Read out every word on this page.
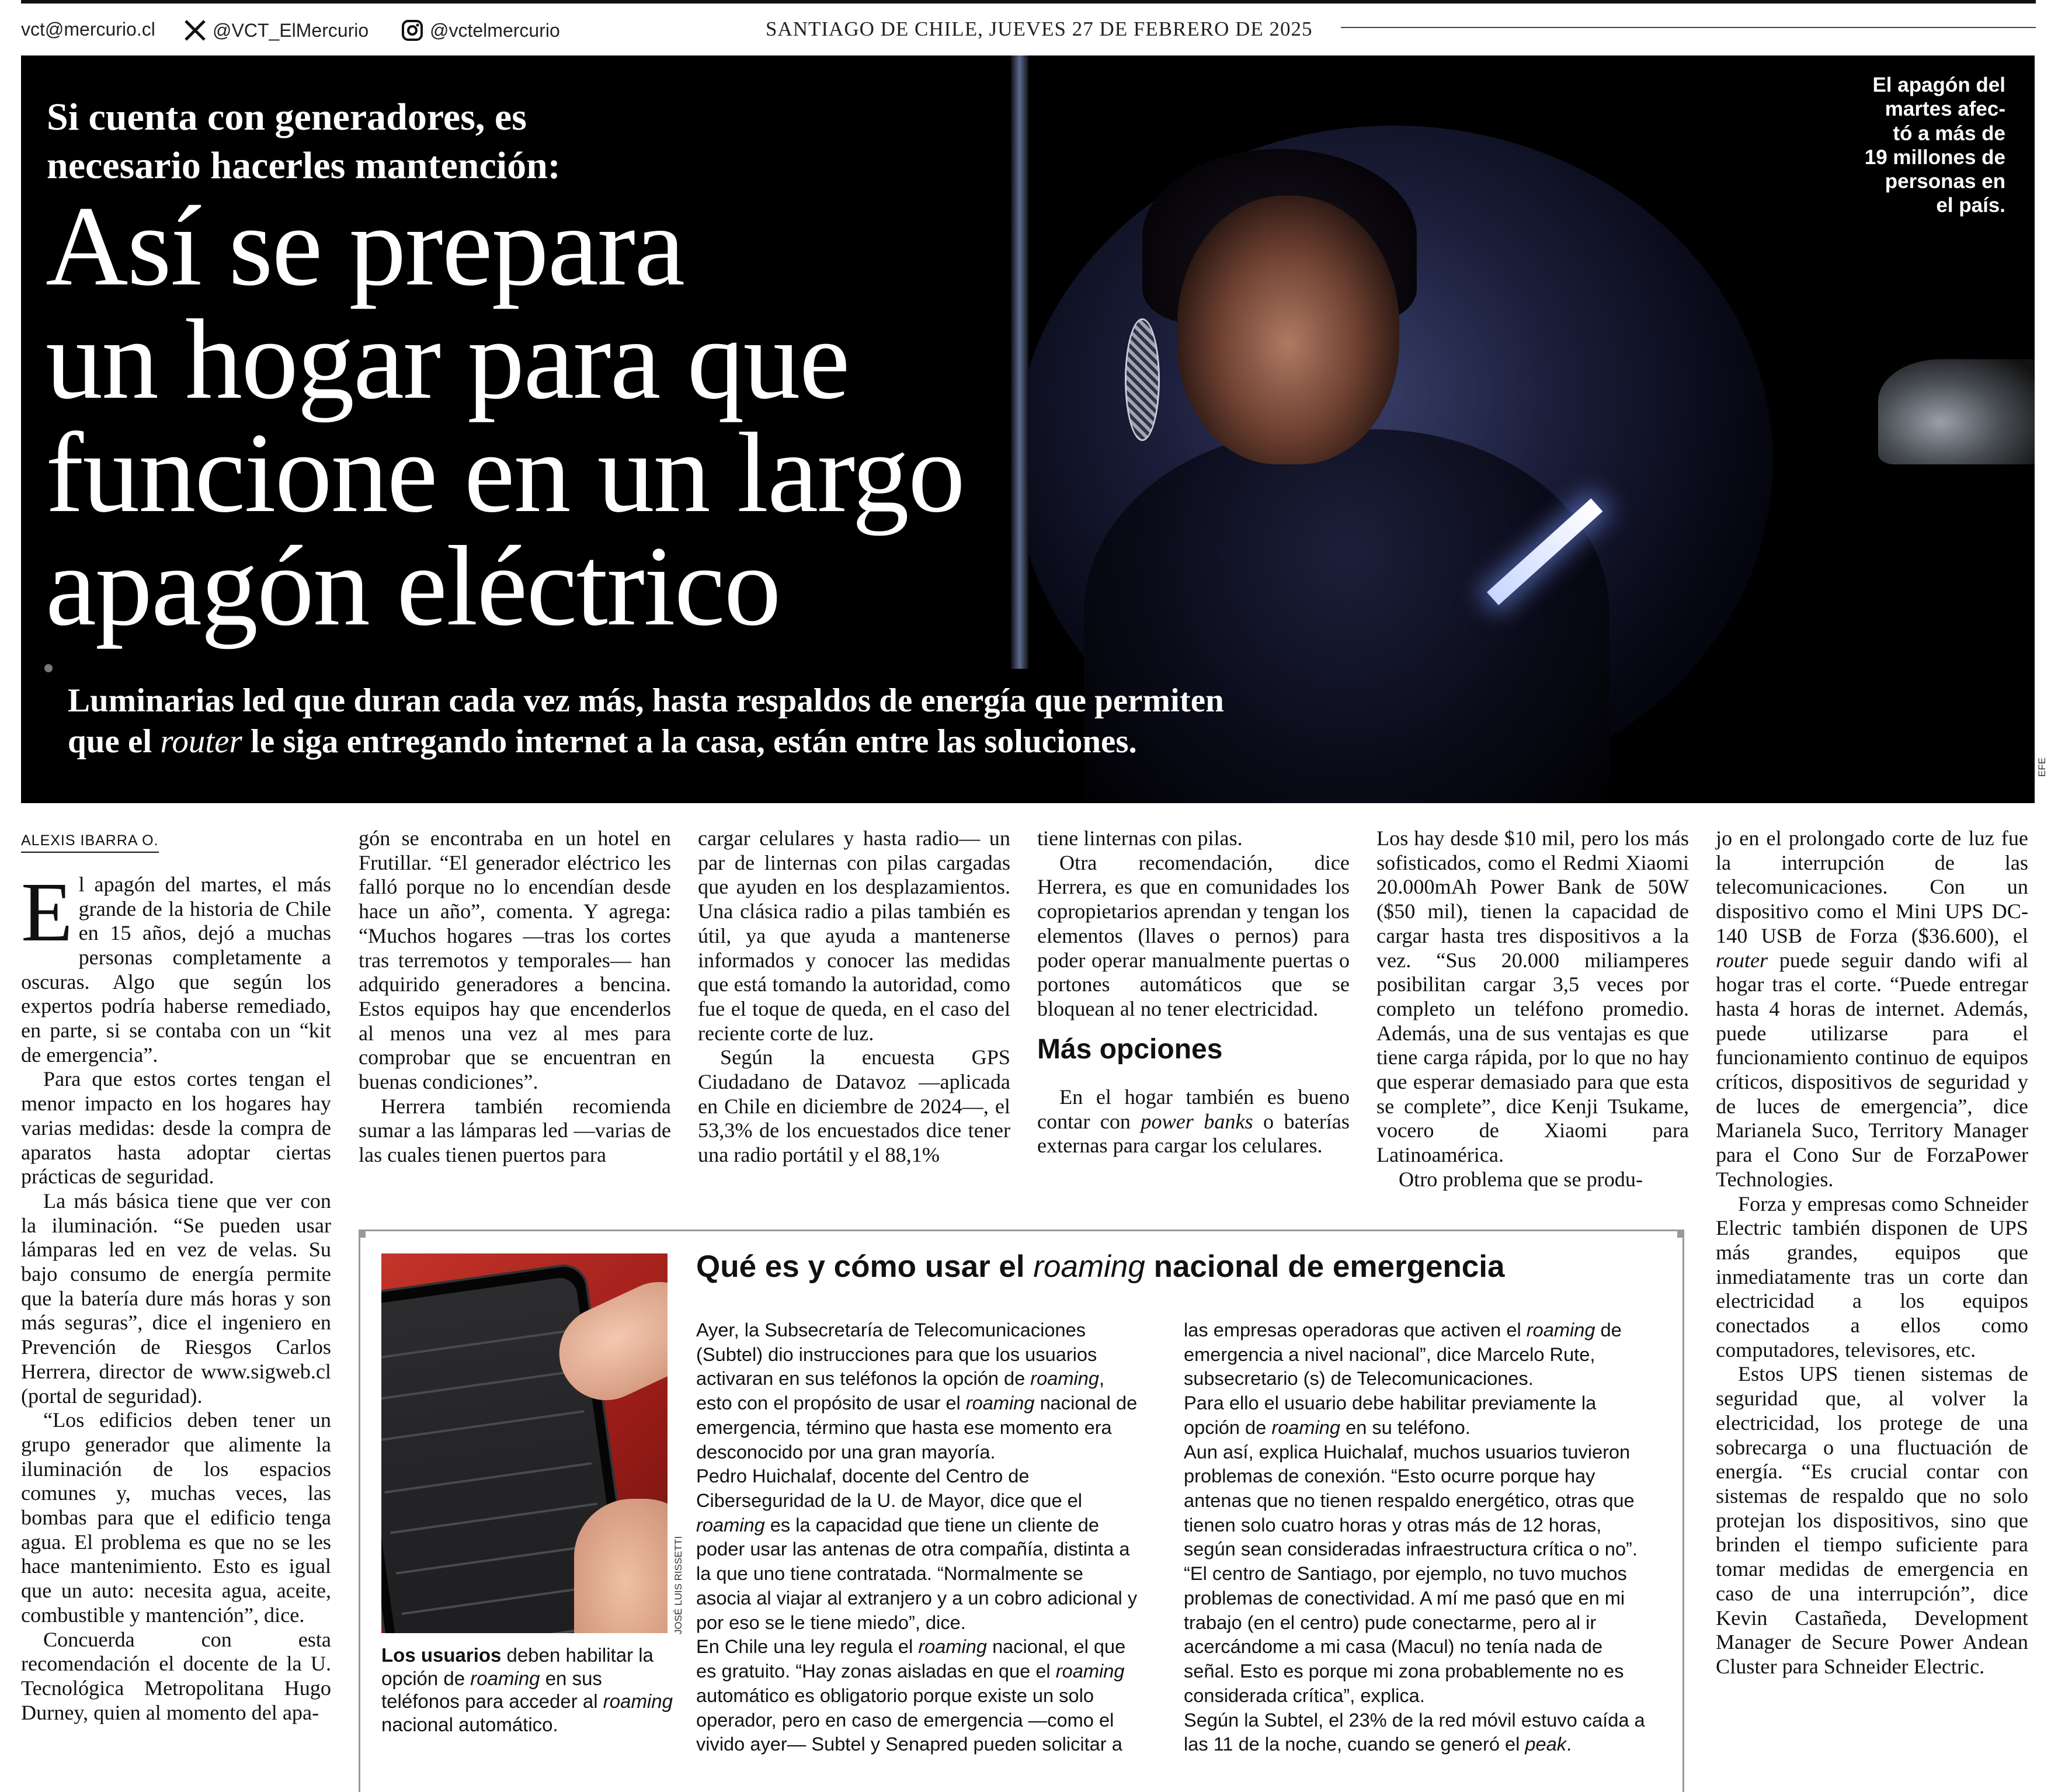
vct@mercurio.cl	@VCT_ElMercurio	@vctelmercurio	SANTIAGO DE CHILE, JUEVES 27 DE FEBRERO DE 2025
Si cuenta con generadores, es
necesario hacerles mantención:
Así se prepara
un hogar para que
funcione en un largo
apagón eléctrico
Luminarias led que duran cada vez más, hasta respaldos de energía que permiten
que el router le siga entregando internet a la casa, están entre las soluciones.
El apagón del
martes afec-
tó a más de
19 millones de
personas en
el país.
EFE
ALEXIS IBARRA O.

El apagón del martes, el más grande de la historia de Chile en 15 años, dejó a muchas personas completamente a oscuras. Algo que según los expertos podría haberse remediado, en parte, si se contaba con un “kit de emergencia”.

Para que estos cortes tengan el menor impacto en los hogares hay varias medidas: desde la compra de aparatos hasta adoptar ciertas prácticas de seguridad.

La más básica tiene que ver con la iluminación. “Se pueden usar lámparas led en vez de velas. Su bajo consumo de energía permite que la batería dure más horas y son más seguras”, dice el ingeniero en Prevención de Riesgos Carlos Herrera, director de www.sigweb.cl (portal de seguridad).

“Los edificios deben tener un grupo generador que alimente la iluminación de los espacios comunes y, muchas veces, las bombas para que el edificio tenga agua. El problema es que no se les hace mantenimiento. Esto es igual que un auto: necesita agua, aceite, combustible y mantención”, dice.

Concuerda con esta recomendación el docente de la U. Tecnológica Metropolitana Hugo Durney, quien al momento del apa-

gón se encontraba en un hotel en Frutillar. “El generador eléctrico les falló porque no lo encendían desde hace un año”, comenta. Y agrega: “Muchos hogares —tras los cortes tras terremotos y temporales— han adquirido generadores a bencina. Estos equipos hay que encenderlos al menos una vez al mes para comprobar que se encuentran en buenas condiciones”.

Herrera también recomienda sumar a las lámparas led —varias de las cuales tienen puertos para

cargar celulares y hasta radio— un par de linternas con pilas cargadas que ayuden en los desplazamientos. Una clásica radio a pilas también es útil, ya que ayuda a mantenerse informados y conocer las medidas que está tomando la autoridad, como fue el toque de queda, en el caso del reciente corte de luz.

Según la encuesta GPS Ciudadano de Datavoz —aplicada en Chile en diciembre de 2024—, el 53,3% de los encuestados dice tener una radio portátil y el 88,1%

tiene linternas con pilas.

Otra recomendación, dice Herrera, es que en comunidades los copropietarios aprendan y tengan los elementos (llaves o pernos) para poder operar manualmente puertas o portones automáticos que se bloquean al no tener electricidad.

Más opciones

En el hogar también es bueno contar con power banks o baterías externas para cargar los celulares.

Los hay desde $10 mil, pero los más sofisticados, como el Redmi Xiaomi 20.000mAh Power Bank de 50W ($50 mil), tienen la capacidad de cargar hasta tres dispositivos a la vez. “Sus 20.000 miliamperes posibilitan cargar 3,5 veces por completo un teléfono promedio. Además, una de sus ventajas es que tiene carga rápida, por lo que no hay que esperar demasiado para que esta se complete”, dice Kenji Tsukame, vocero de Xiaomi para Latinoamérica.

Otro problema que se produ-

jo en el prolongado corte de luz fue la interrupción de las telecomunicaciones. Con un dispositivo como el Mini UPS DC-140 USB de Forza ($36.600), el router puede seguir dando wifi al hogar tras el corte. “Puede entregar hasta 4 horas de internet. Además, puede utilizarse para el funcionamiento continuo de equipos críticos, dispositivos de seguridad y de luces de emergencia”, dice Marianela Suco, Territory Manager para el Cono Sur de ForzaPower Technologies.

Forza y empresas como Schneider Electric también disponen de UPS más grandes, equipos que inmediatamente tras un corte dan electricidad a los equipos conectados a ellos como computadores, televisores, etc.

Estos UPS tienen sistemas de seguridad que, al volver la electricidad, los protege de una sobrecarga o una fluctuación de energía. “Es crucial contar con sistemas de respaldo que no solo protejan los dispositivos, sino que brinden el tiempo suficiente para tomar medidas de emergencia en caso de una interrupción”, dice Kevin Castañeda, Development Manager de Secure Power Andean Cluster para Schneider Electric.

JOSÉ LUIS RISSETTI
Los usuarios deben habilitar la opción de roaming en sus teléfonos para acceder al roaming nacional automático.
Qué es y cómo usar el roaming nacional de emergencia

Ayer, la Subsecretaría de Telecomunicaciones (Subtel) dio instrucciones para que los usuarios activaran en sus teléfonos la opción de roaming, esto con el propósito de usar el roaming nacional de emergencia, término que hasta ese momento era desconocido por una gran mayoría.

Pedro Huichalaf, docente del Centro de Ciberseguridad de la U. de Mayor, dice que el roaming es la capacidad que tiene un cliente de poder usar las antenas de otra compañía, distinta a la que uno tiene contratada. “Normalmente se asocia al viajar al extranjero y a un cobro adicional y por eso se le tiene miedo”, dice.

En Chile una ley regula el roaming nacional, el que es gratuito. “Hay zonas aisladas en que el roaming automático es obligatorio porque existe un solo operador, pero en caso de emergencia —como el vivido ayer— Subtel y Senapred pueden solicitar a

las empresas operadoras que activen el roaming de emergencia a nivel nacional”, dice Marcelo Rute, subsecretario (s) de Telecomunicaciones.

Para ello el usuario debe habilitar previamente la opción de roaming en su teléfono.

Aun así, explica Huichalaf, muchos usuarios tuvieron problemas de conexión. “Esto ocurre porque hay antenas que no tienen respaldo energético, otras que tienen solo cuatro horas y otras más de 12 horas, según sean consideradas infraestructura crítica o no”.

“El centro de Santiago, por ejemplo, no tuvo muchos problemas de conectividad. A mí me pasó que en mi trabajo (en el centro) pude conectarme, pero al ir acercándome a mi casa (Macul) no tenía nada de señal. Esto es porque mi zona probablemente no es considerada crítica”, explica.

Según la Subtel, el 23% de la red móvil estuvo caída a las 11 de la noche, cuando se generó el peak.
